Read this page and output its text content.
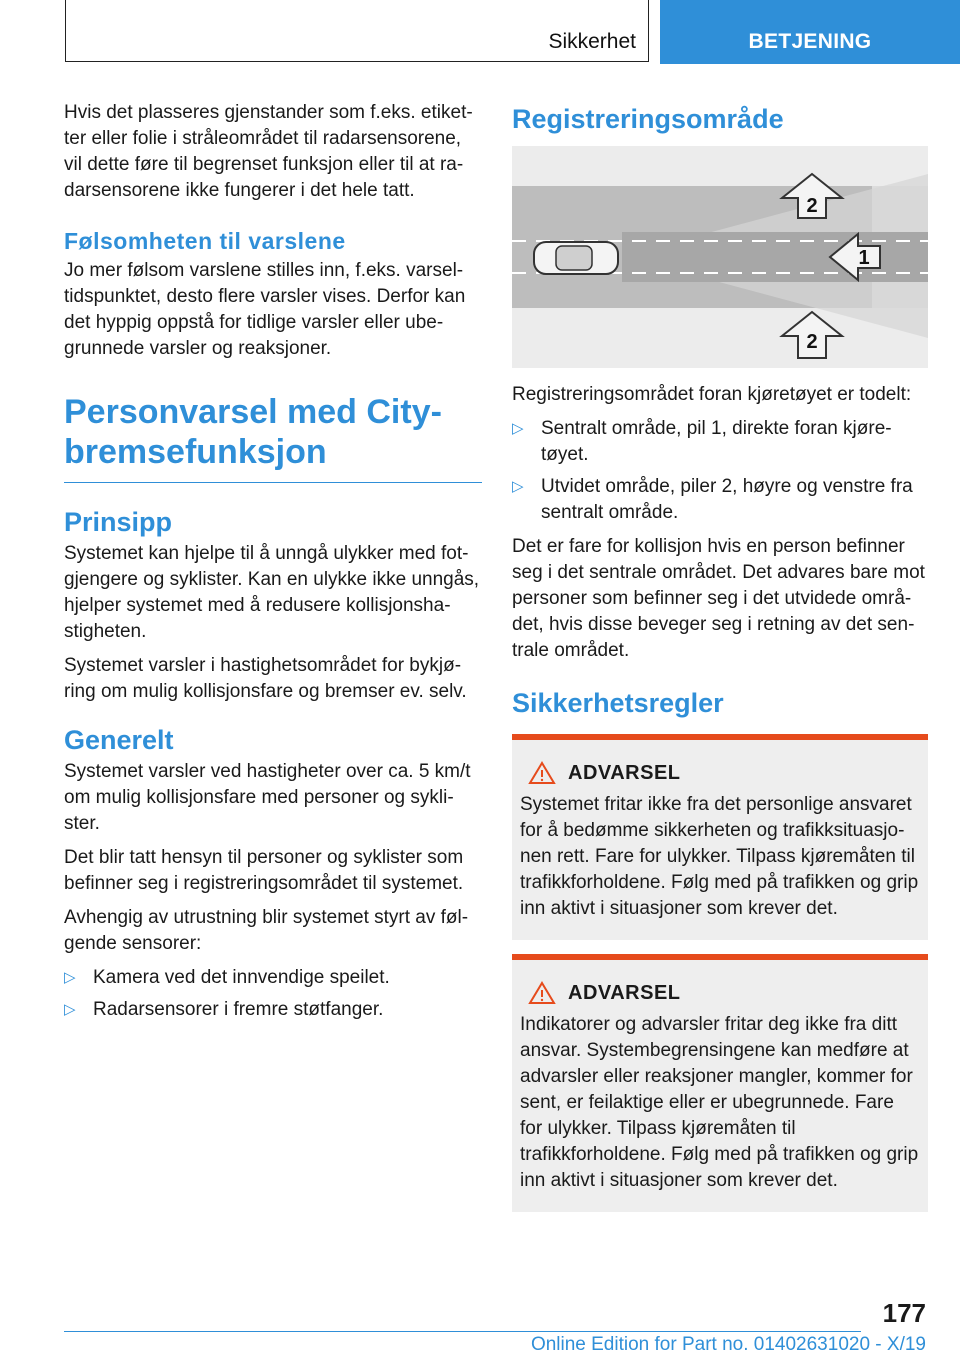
Sikkerhet	BETJENING

Hvis det plasseres gjenstander som f.eks. etiketter eller folie i stråleområdet til radarsensorene, vil dette føre til begrenset funksjon eller til at radarsensorene ikke fungerer i det hele tatt.

Følsomheten til varslene

Jo mer følsom varslene stilles inn, f.eks. varseltidspunktet, desto flere varsler vises. Derfor kan det hyppig oppstå for tidlige varsler eller ubegrunnede varsler og reaksjoner.

Personvarsel med Citybremsefunksjon
Prinsipp

Systemet kan hjelpe til å unngå ulykker med fotgjengere og syklister. Kan en ulykke ikke unngås, hjelper systemet med å redusere kollisjonshastigheten.

Systemet varsler i hastighetsområdet for bykjøring om mulig kollisjonsfare og bremser ev. selv.

Generelt

Systemet varsler ved hastigheter over ca. 5 km/t om mulig kollisjonsfare med personer og syklister.

Det blir tatt hensyn til personer og syklister som befinner seg i registreringsområdet til systemet.

Avhengig av utrustning blir systemet styrt av følgende sensorer:

▷ Kamera ved det innvendige speilet.
▷ Radarsensorer i fremre støtfanger.
Registreringsområde
2
1
2

Registreringsområdet foran kjøretøyet er todelt:

▷ Sentralt område, pil 1, direkte foran kjøretøyet.
▷ Utvidet område, piler 2, høyre og venstre fra sentralt område.

Det er fare for kollisjon hvis en person befinner seg i det sentrale området. Det advares bare mot personer som befinner seg i det utvidede området, hvis disse beveger seg i retning av det sentrale området.

Sikkerhetsregler
ADVARSEL
Systemet fritar ikke fra det personlige ansvaret for å bedømme sikkerheten og trafikksituasjonen rett. Fare for ulykker. Tilpass kjøremåten til trafikkforholdene. Følg med på trafikken og grip inn aktivt i situasjoner som krever det.
ADVARSEL
Indikatorer og advarsler fritar deg ikke fra ditt ansvar. Systembegrensingene kan medføre at advarsler eller reaksjoner mangler, kommer for sent, er feilaktige eller er ubegrunnede. Fare for ulykker. Tilpass kjøremåten til trafikkforholdene. Følg med på trafikken og grip inn aktivt i situasjoner som krever det.
177
Online Edition for Part no. 01402631020 - X/19
